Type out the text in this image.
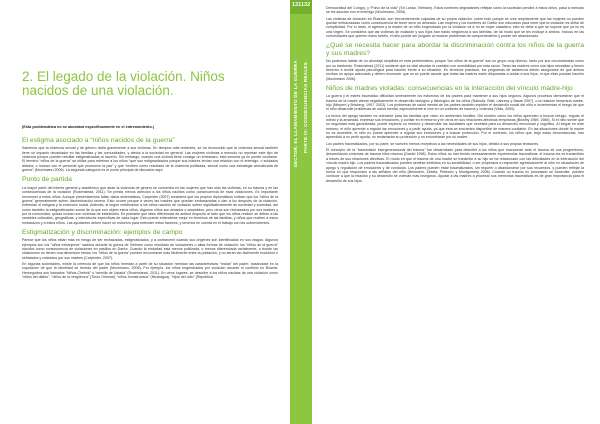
131 132
SECTOR: EL LLAMAMIENTO DE LA GUERRA PARTE III: CONSECUENCIAS REALES
2. El legado de la violación. Niños nacidos de una violación.
(Esta problemática no se abordará específicamente en el entrenamiento.)
El estigma asociado a “niños nacidos de la guerra”

Sabemos que la violencia sexual y de género daña gravemente a sus víctimas. En tiempos más recientes, se ha reconocido que la violencia sexual también tiene un impacto devastador en las familias y las comunidades, y afecta a la sociedad en general. Las mujeres víctimas a menudo no reportan este tipo de violencia porque pueden resultar estigmatizadas al hacerlo. Sin embargo, cuando una víctima tiene consigo un embarazo, esta secuela ya no puede ocultarse. El término “niños de la guerra” se utiliza para referirse a los niños “que son estigmatizados porque sus madres tenían una relación con el enemigo, o soldados aliados, o incluso con el personal que promueve la paz” y que “reciben como resultado de la violencia politizada, sexual como una estrategia sexualizada de guerra” (Mochmann 2006). La segunda categoría es el punto principal de discusión aquí.

Punto de partida

La mayor parte del interés general y académico que atrae la violencia de género se concentra en las mujeres que han sido las víctimas, en su trauma y en las consecuencias de la violación (Rosenstead, 2011). Se presta menos atención a los niños nacidos como consecuencia de esas violaciones. Es importante reconocer a estos niños. Aunque presentaremos fallan datos sistemáticos, Carpenter (2007) considera que los propios diplomáticos indican que los “niños de la guerra” generalmente sufren discriminación severa. Esto ocurre porque a veces las madres que quedan embarazadas o dan a luz después de la violación, enfrentan el estigma y la exclusión social. Además, al seguir metiéndose a los niños nacidos de violación sufren significativamente de sociedad y sociedad, así como también la estigmatización social de la que son objeto estos niños. Algunos niños son amados o aceptados, pero otros son rechazados por sus madres y por la comunidad, quizás incluso son víctimas de infanticidio. Es probable que tales diferencias de actitud respecto al trato que los niños reciben se deben a las variables culturales, geográficas, y estructuras específicas de cada lugar. Esto puede entenderse mejor en términos de las familias, y niños que reciben a estos embarazos y a estos niños. Las ayudantes deben hacer un esfuerzo para entender estos factores, y tenerlos en cuenta en el trabajo con las sobrevivientes.

Estigmatización y discriminación: ejemplos de campo

Parece que los niños están más en riesgo de ser rechazados, estigmatizados, y a contravenir cuando sus orígenes son identificados en sus rasgos. Algunos ejemplos son los “niños extranjeros” nacidos durante la guerra de Vietnam como resultado de violaciones o altas formas de violación; los “niños de la guerra” nacidos como consecuencia de violaciones en pasillos en Darfur. Cuando la etnicidad está menos politizada, o menos diferenciada racialmente, o donde las violaciones no tienen una dimensión étnica, los “niños de la guerra” pueden encontrarse más fácilmente entre la población, y no serán tan fácilmente excluidos o señalados y rodeados por sus madres (Carpenter, 2007).

En algunas sociedades, existe la creencia de que los niños heredan a partir de su situación heredan las características “malas” del padre, basándose en la suposición de que la identidad se hereda del padre (Mochmann, 2006). Por ejemplo, los niños engendrados por violación durante el conflicto en Bosnia-Herzegovina son llamados “Niños-Chetnik” o “semilla de Ustaša” (Rosenstead, 2011). En otros lugares, se describe a los niños nacidos de una violación como “niños del diablo”, “niños de la vergüenza” (Timor Oriental), “niños monstruosos” (Nicaragua), “hijos del odio” (República

Democrática del Congo), y “Poivo de la vida” (Sri Lanka, Vietnam). Estos nombres degradantes reflejan cómo la sociedad percibe a estos niños, pasa a menudo se les asocian con el enemigo (Mochmann, 2006).

Las víctimas de violación en Ruanda, son frecuentemente culpadas de su propia violación, sobre todo porque se cree ampliamente que las mujeres no pueden quedar embarazadas como consecuencia de tener sexo no deseado. Las mujeres y los hombres de Darfur son educados para creer que la violación es señal de complicidad. Por lo tanto, el agresor y la madre de un niño engendrado por la violación va a no se mujer casadera, esto se debe a que se supone que ya no es una virgen. Se considera que las víctimas de violación y sus hijos han traído vergüenza a sus familias, de tal modo que se les excluye a ambos. Incluso en las comunidades que quieren estos bebés, el niño puede ser juzgado al mostrar problemas de comportamiento y puede ser abandonado.

¿Qué se necesita hacer para abordar la discriminación contra los niños de la guerra y sus madres?

No podemos hablar de un abordaje simplista en esta problemática, porque “los niños de la guerra” son un grupo muy diverso, tanto por sus circunstancias como por su trasfondo. Rosenstead (2011) sostiene que es vital abordar la cuestión con sensibilidad por esta razón. Tanto las madres como sus hijos necesitan y tienen derecho a recibir ayuda psicológica para hacerle frente a su situación. En términos prácticos, los programas de asistencia deben asegurarse de que ambos reciban un apoyo adecuado y deben reconocer que no se puede asumir que todas las madres estén dispuestas a cuidar a sus hijos, ni que ellas puedan hacerlo (Mochmann 2006).

Niños de madres violadas: consecuencias en la interacción del vínculo madre-hijo

La guerra y el estrés traumático dificultan severamente los esfuerzos de los padres para mantener a sus hijos seguros. Algunos procesos demuestran que el trauma de la madre afecta negativamente el desarrollo biológico y fisiológico de los niños (Nahuda, Blair, Labrecy y Basar 2007), o la relación temprana madre-hijo (Nimpert y Brisberg, 1997, 2003). Los problemas de salud mental de los padres también impiden el desarrollo social del niño e incrementan el riesgo de que el niño desarrolle problemas de salud mental, especialmente si vive en un contexto de trauma y violencia (Vidis, 2000).

La teoría del apego también es relevante para las familias que viven en ambientes hostiles. Del modelo cómo los niños aprenden a buscar refugio, regular el miedo y la ansiedad, expresar sus emociones, y confiar en el entorno y en otros en sus relaciones afectivas tempranas (Bowlby 1969, 1988). Si el niño siente que su seguridad está garantizada, puede explorar su entorno y desarrollar las facultades que necesita para su desarrollo emocional y cognitivo. Al seguir en este entorno, el niño aprende a regular las emociones y a pedir ayuda, ya que esta se encuentra disponible de manera confiable. En las situaciones donde la madre no es accesible, el niño no puede aprender a regular sus emociones y a buscar protección. Por el contrario, los niños que, bajo estas circunstancias, han aprendido a no pedir ayuda, no reclamarán su protección y no encontrarán por su madre.

Los padres traumatizados, por su parte, se vuelven menos receptivos a las necesidades de sus hijos, debido a sus propias tensiones.

El concepto de la “transmisión intergeneracional del trauma” fue desarrollado para describir a los niños que reaccionan ante el trauma de sus progenitores, desarrollando síntomas de trauma ellos mismos (Daniel 1998). Estos niños no han tenido necesariamente experiencias traumáticas: el trauma les es transmitido a través de sus relaciones afectivas. El modo en que el trauma de una madre se transmite a su hijo se ha relacionado con las dificultades en la interacción del vínculo madre-hijo. Los padres traumatizados pueden sentirse inhibidos en su sensibilidad, o ser propensos a responder agresivamente al niño en situaciones de apego y regulación de emociones y de conducta. Los padres pueden estar traumatizados, sin requerir o abandonarse por sus recuerdos, y pueden reflejar la forma en que responden a las señales del niño (Bernstein, Zinidia, Perbonic y Montgomery 2006). Cuando un trauma no procesado se transmite, pueden conducir a que la relación y su desarrollo se vuelvan más inseguros. Ayudar a las madres a procesar sus memorias traumáticas es de gran importancia para el desarrollo de sus hijos.
